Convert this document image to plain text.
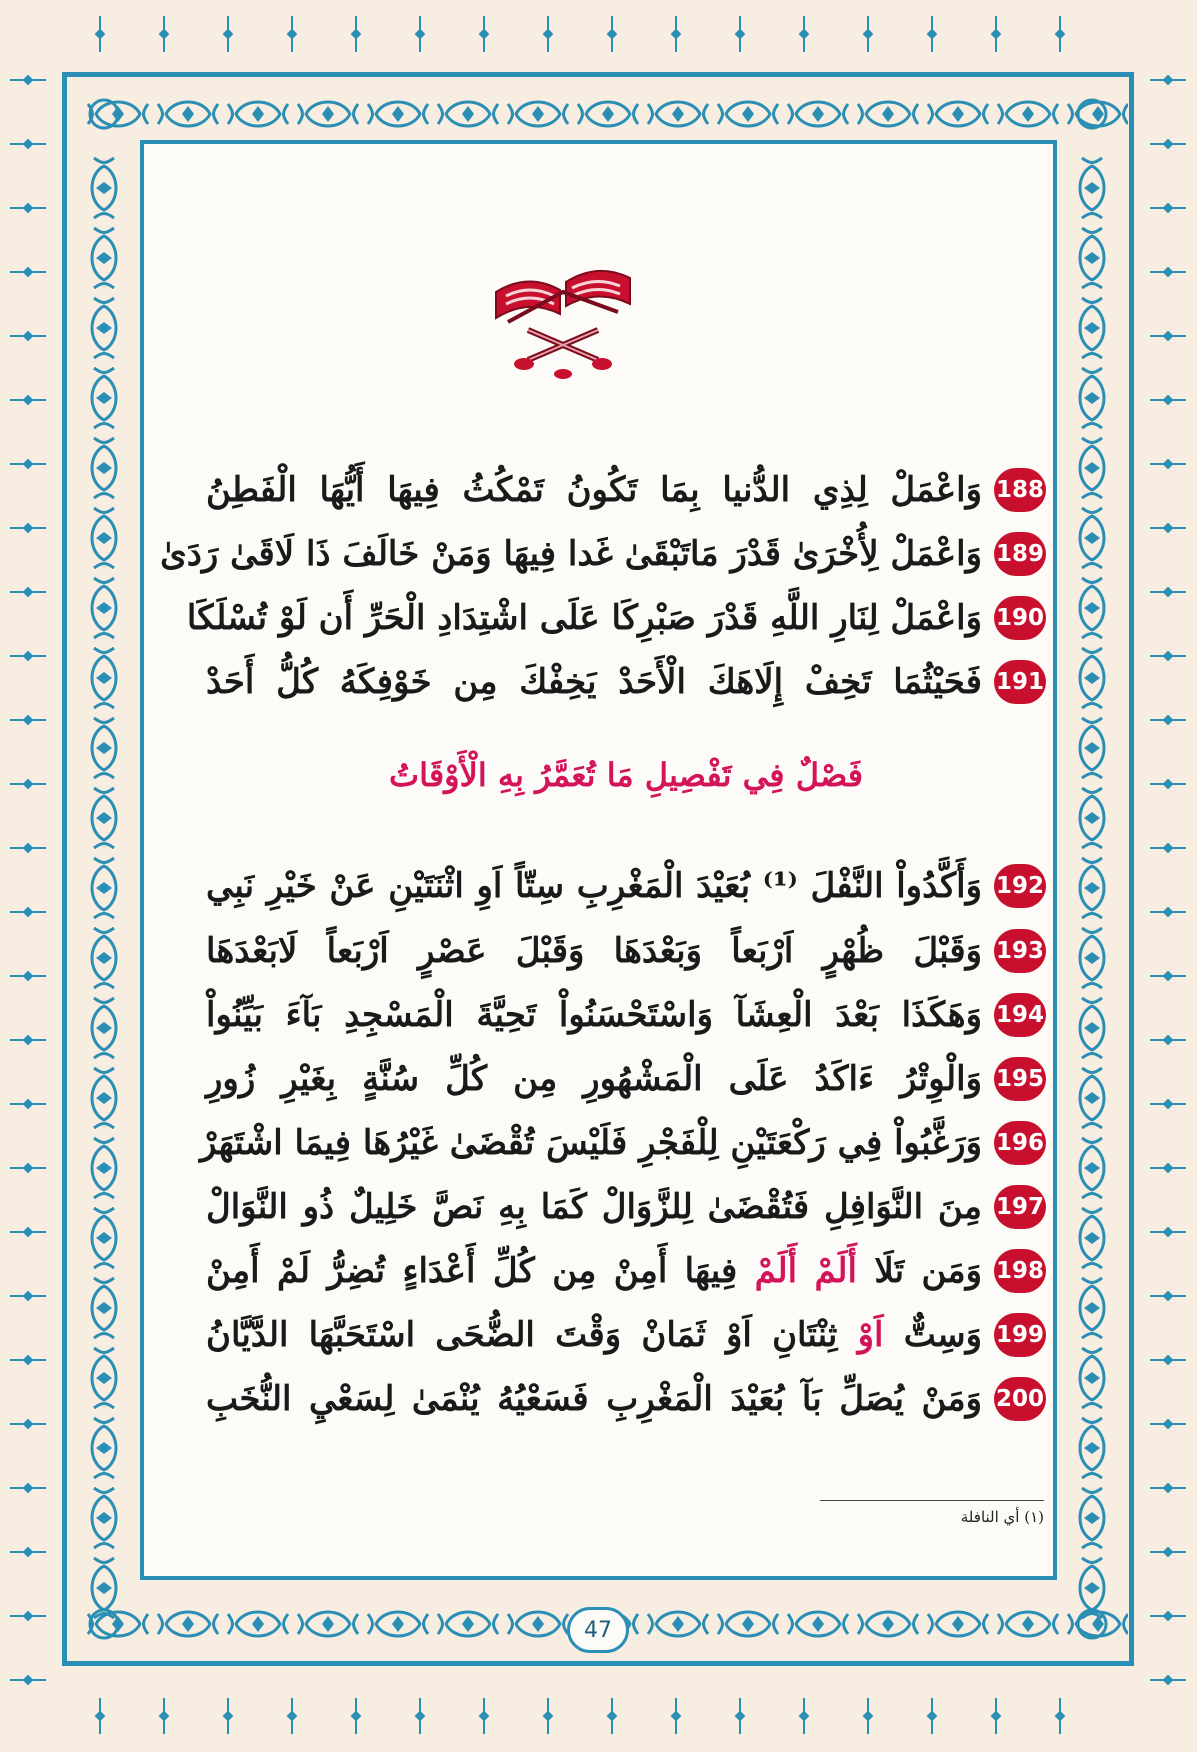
188
وَاعْمَلْ لِذِي الدُّنيا بِمَا تَكُونُ تَمْكُثُ فِيهَا أَيُّهَا الْفَطِنُ
189
وَاعْمَلْ لِأُخْرَىٰ قَدْرَ مَاتَبْقَىٰ غَدا فِيهَا وَمَنْ خَالَفَ ذَا لَاقَىٰ رَدَىٰ
190
وَاعْمَلْ لِنَارِ اللَّهِ قَدْرَ صَبْرِكَا عَلَى اشْتِدَادِ الْحَرِّ أَن لَوْ تُسْلَكَا
191
فَحَيْثُمَا تَخِفْ إِلَاهَكَ الْأَحَدْ يَخِفْكَ مِن خَوْفِكَهُ كُلُّ أَحَدْ
فَصْلٌ فِي تَفْصِيلِ مَا تُعَمَّرُ بِهِ الْأَوْقَاتُ
192
وَأَكَّدُواْ النَّفْلَ ⁽¹⁾ بُعَيْدَ الْمَغْرِبِ سِتّاً اَوِ اثْنَتَيْنِ عَنْ خَيْرِ نَبِي
193
وَقَبْلَ ظُهْرٍ اَرْبَعاً وَبَعْدَهَا وَقَبْلَ عَصْرٍ اَرْبَعاً لَابَعْدَهَا
194
وَهَكَذَا بَعْدَ الْعِشَآ وَاسْتَحْسَنُواْ تَحِيَّةَ الْمَسْجِدِ بَآءَ بَيِّنُواْ
195
وَالْوِتْرُ ءَاكَدُ عَلَى الْمَشْهُورِ مِن كُلِّ سُنَّةٍ بِغَيْرِ زُورِ
196
وَرَغَّبُواْ فِي رَكْعَتَيْنِ لِلْفَجْرِ فَلَيْسَ تُقْضَىٰ غَيْرُهَا فِيمَا اشْتَهَرْ
197
مِنَ النَّوَافِلِ فَتُقْضَىٰ لِلزَّوَالْ كَمَا بِهِ نَصَّ خَلِيلٌ ذُو النَّوَالْ
198
وَمَن تَلَا أَلَمْ أَلَمْ فِيهَا أَمِنْ مِن كُلِّ أَعْدَاءٍ تُضِرُّ لَمْ أَمِنْ
199
وَسِتٌّ اَوْ ثِنْتَانِ اَوْ ثَمَانْ وَقْتَ الضُّحَى اسْتَحَبَّهَا الدَّيَّانُ
200
وَمَنْ يُصَلِّ بَآ بُعَيْدَ الْمَغْرِبِ فَسَعْيُهُ يُنْمَىٰ لِسَعْيِ النُّخَبِ
(١) أي النافلة
47
